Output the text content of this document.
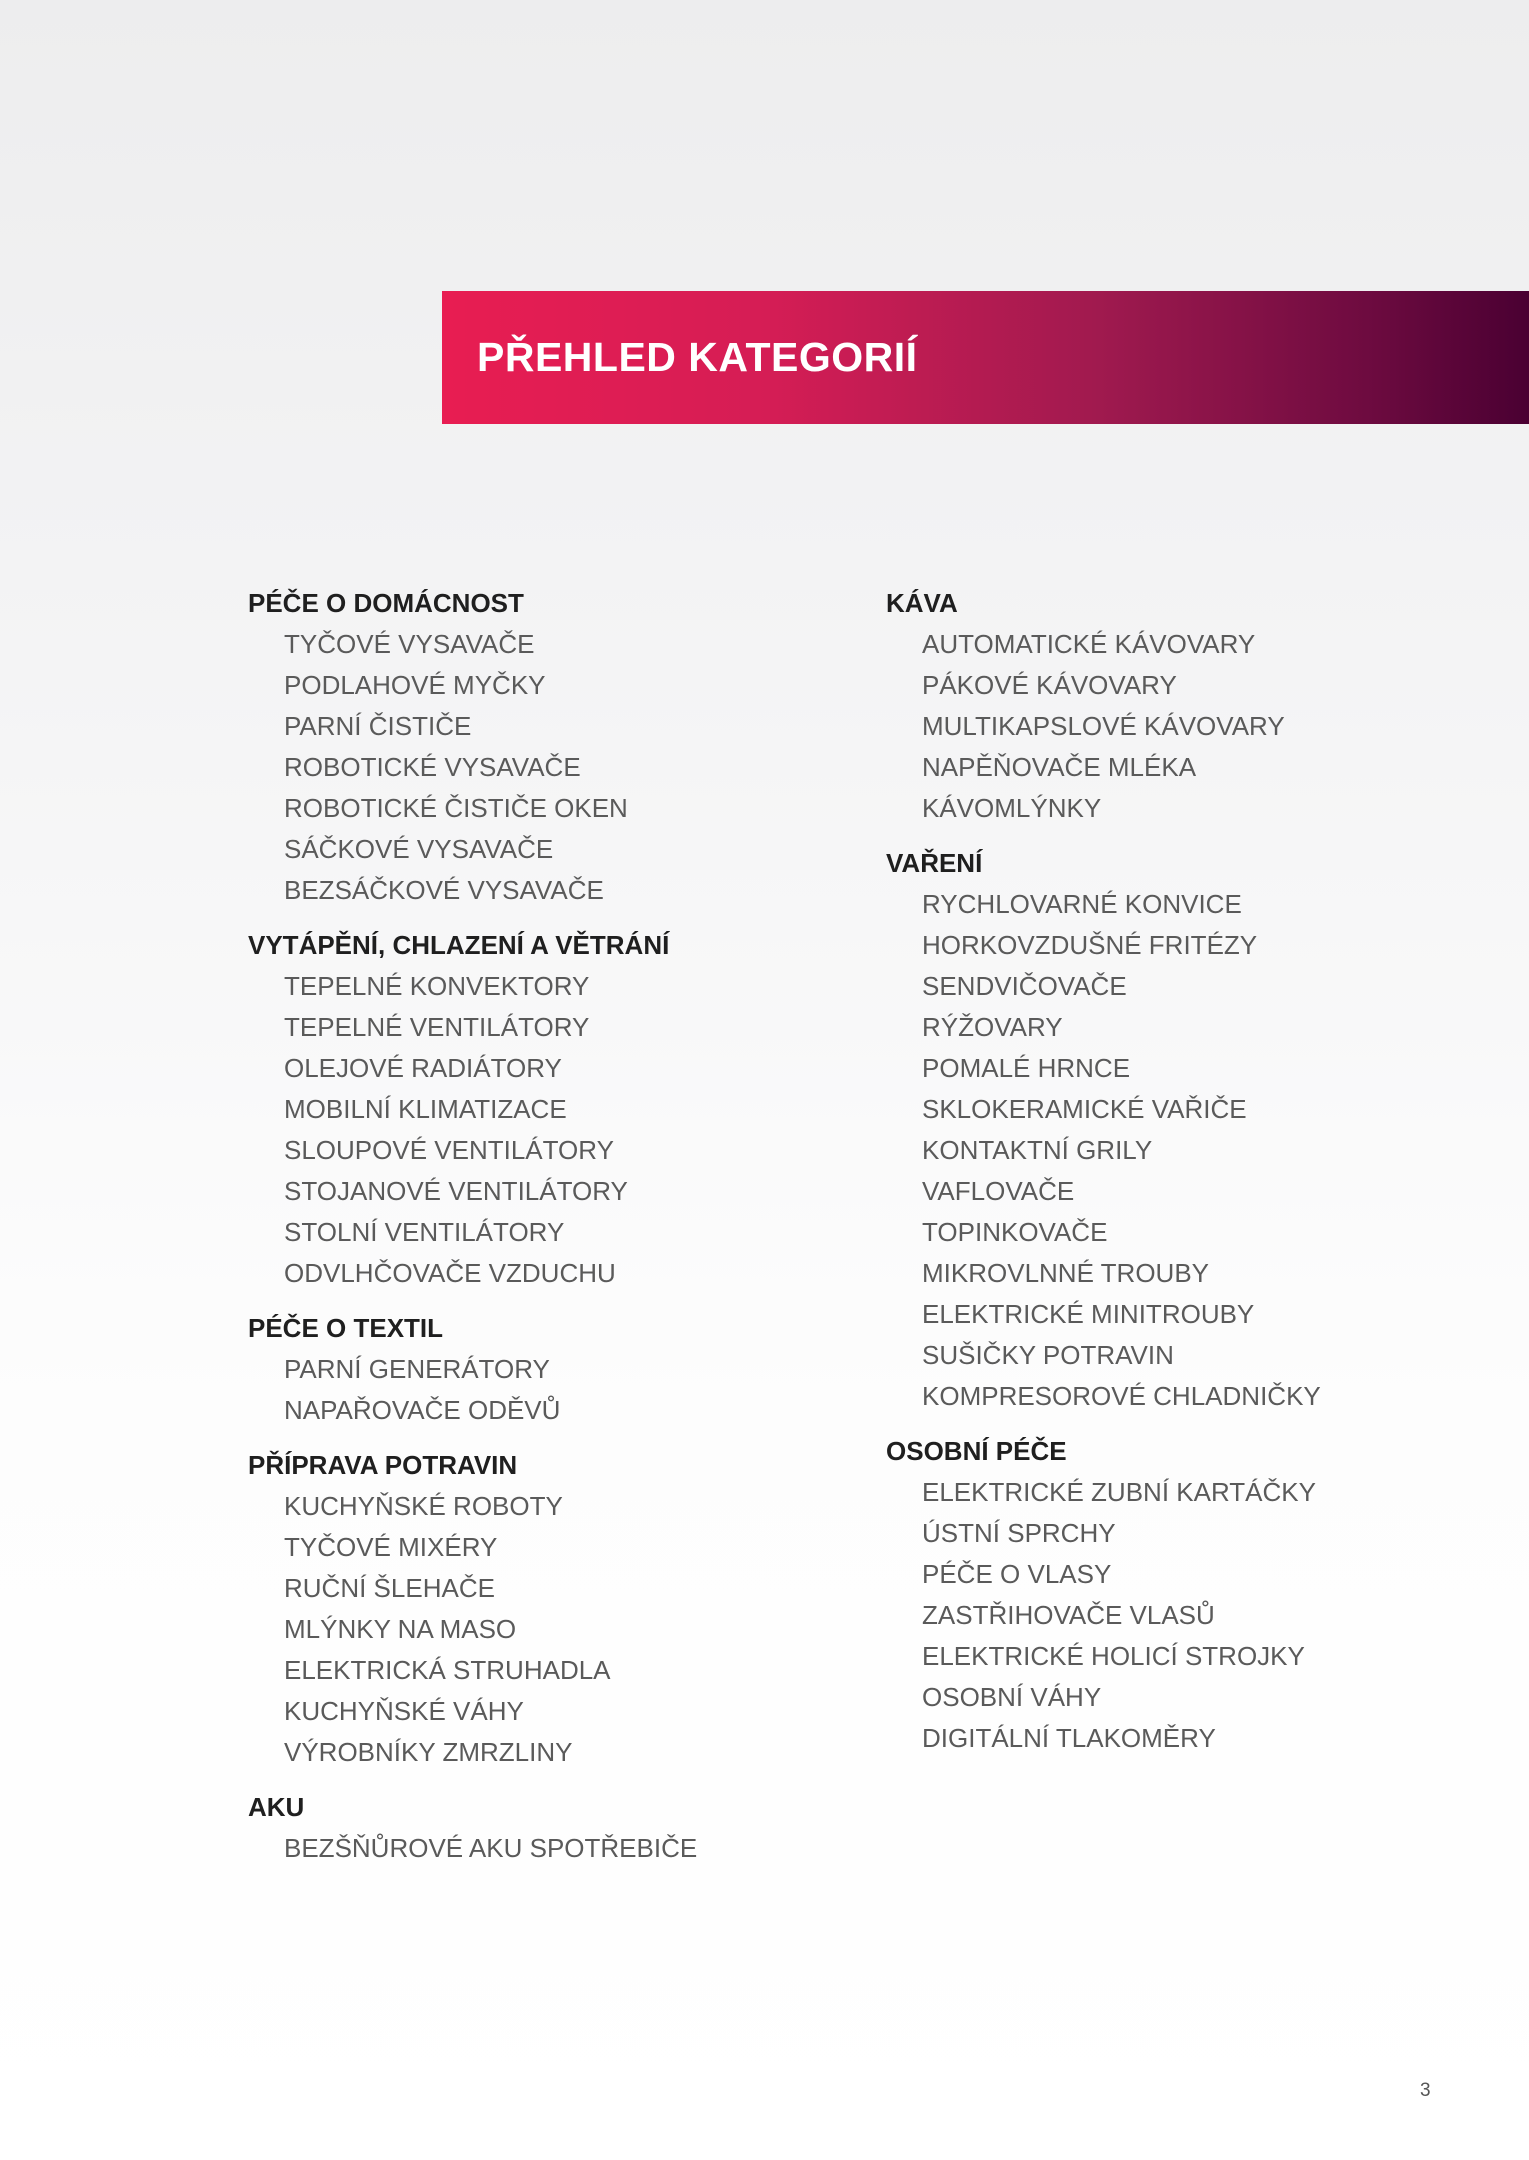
PŘEHLED KATEGORIÍ
PÉČE O DOMÁCNOST
TYČOVÉ VYSAVAČE
PODLAHOVÉ MYČKY
PARNÍ ČISTIČE
ROBOTICKÉ VYSAVAČE
ROBOTICKÉ ČISTIČE OKEN
SÁČKOVÉ VYSAVAČE
BEZSÁČKOVÉ VYSAVAČE
VYTÁPĚNÍ, CHLAZENÍ A VĚTRÁNÍ
TEPELNÉ KONVEKTORY
TEPELNÉ VENTILÁTORY
OLEJOVÉ RADIÁTORY
MOBILNÍ KLIMATIZACE
SLOUPOVÉ VENTILÁTORY
STOJANOVÉ VENTILÁTORY
STOLNÍ VENTILÁTORY
ODVLHČOVAČE VZDUCHU
PÉČE O TEXTIL
PARNÍ GENERÁTORY
NAPAŘOVAČE ODĚVŮ
PŘÍPRAVA POTRAVIN
KUCHYŇSKÉ ROBOTY
TYČOVÉ MIXÉRY
RUČNÍ ŠLEHAČE
MLÝNKY NA MASO
ELEKTRICKÁ STRUHADLA
KUCHYŇSKÉ VÁHY
VÝROBNÍKY ZMRZLINY
AKU
BEZŠŇŮROVÉ AKU SPOTŘEBIČE
KÁVA
AUTOMATICKÉ KÁVOVARY
PÁKOVÉ KÁVOVARY
MULTIKAPSLOVÉ KÁVOVARY
NAPĚŇOVAČE MLÉKA
KÁVOMLÝNKY
VAŘENÍ
RYCHLOVARNÉ KONVICE
HORKOVZDUŠNÉ FRITÉZY
SENDVIČOVAČE
RÝŽOVARY
POMALÉ HRNCE
SKLOKERAMICKÉ VAŘIČE
KONTAKTNÍ GRILY
VAFLOVAČE
TOPINKOVAČE
MIKROVLNNÉ TROUBY
ELEKTRICKÉ MINITROUBY
SUŠIČKY POTRAVIN
KOMPRESOROVÉ CHLADNIČKY
OSOBNÍ PÉČE
ELEKTRICKÉ ZUBNÍ KARTÁČKY
ÚSTNÍ SPRCHY
PÉČE O VLASY
ZASTŘIHOVAČE VLASŮ
ELEKTRICKÉ HOLICÍ STROJKY
OSOBNÍ VÁHY
DIGITÁLNÍ TLAKOMĚRY
3
